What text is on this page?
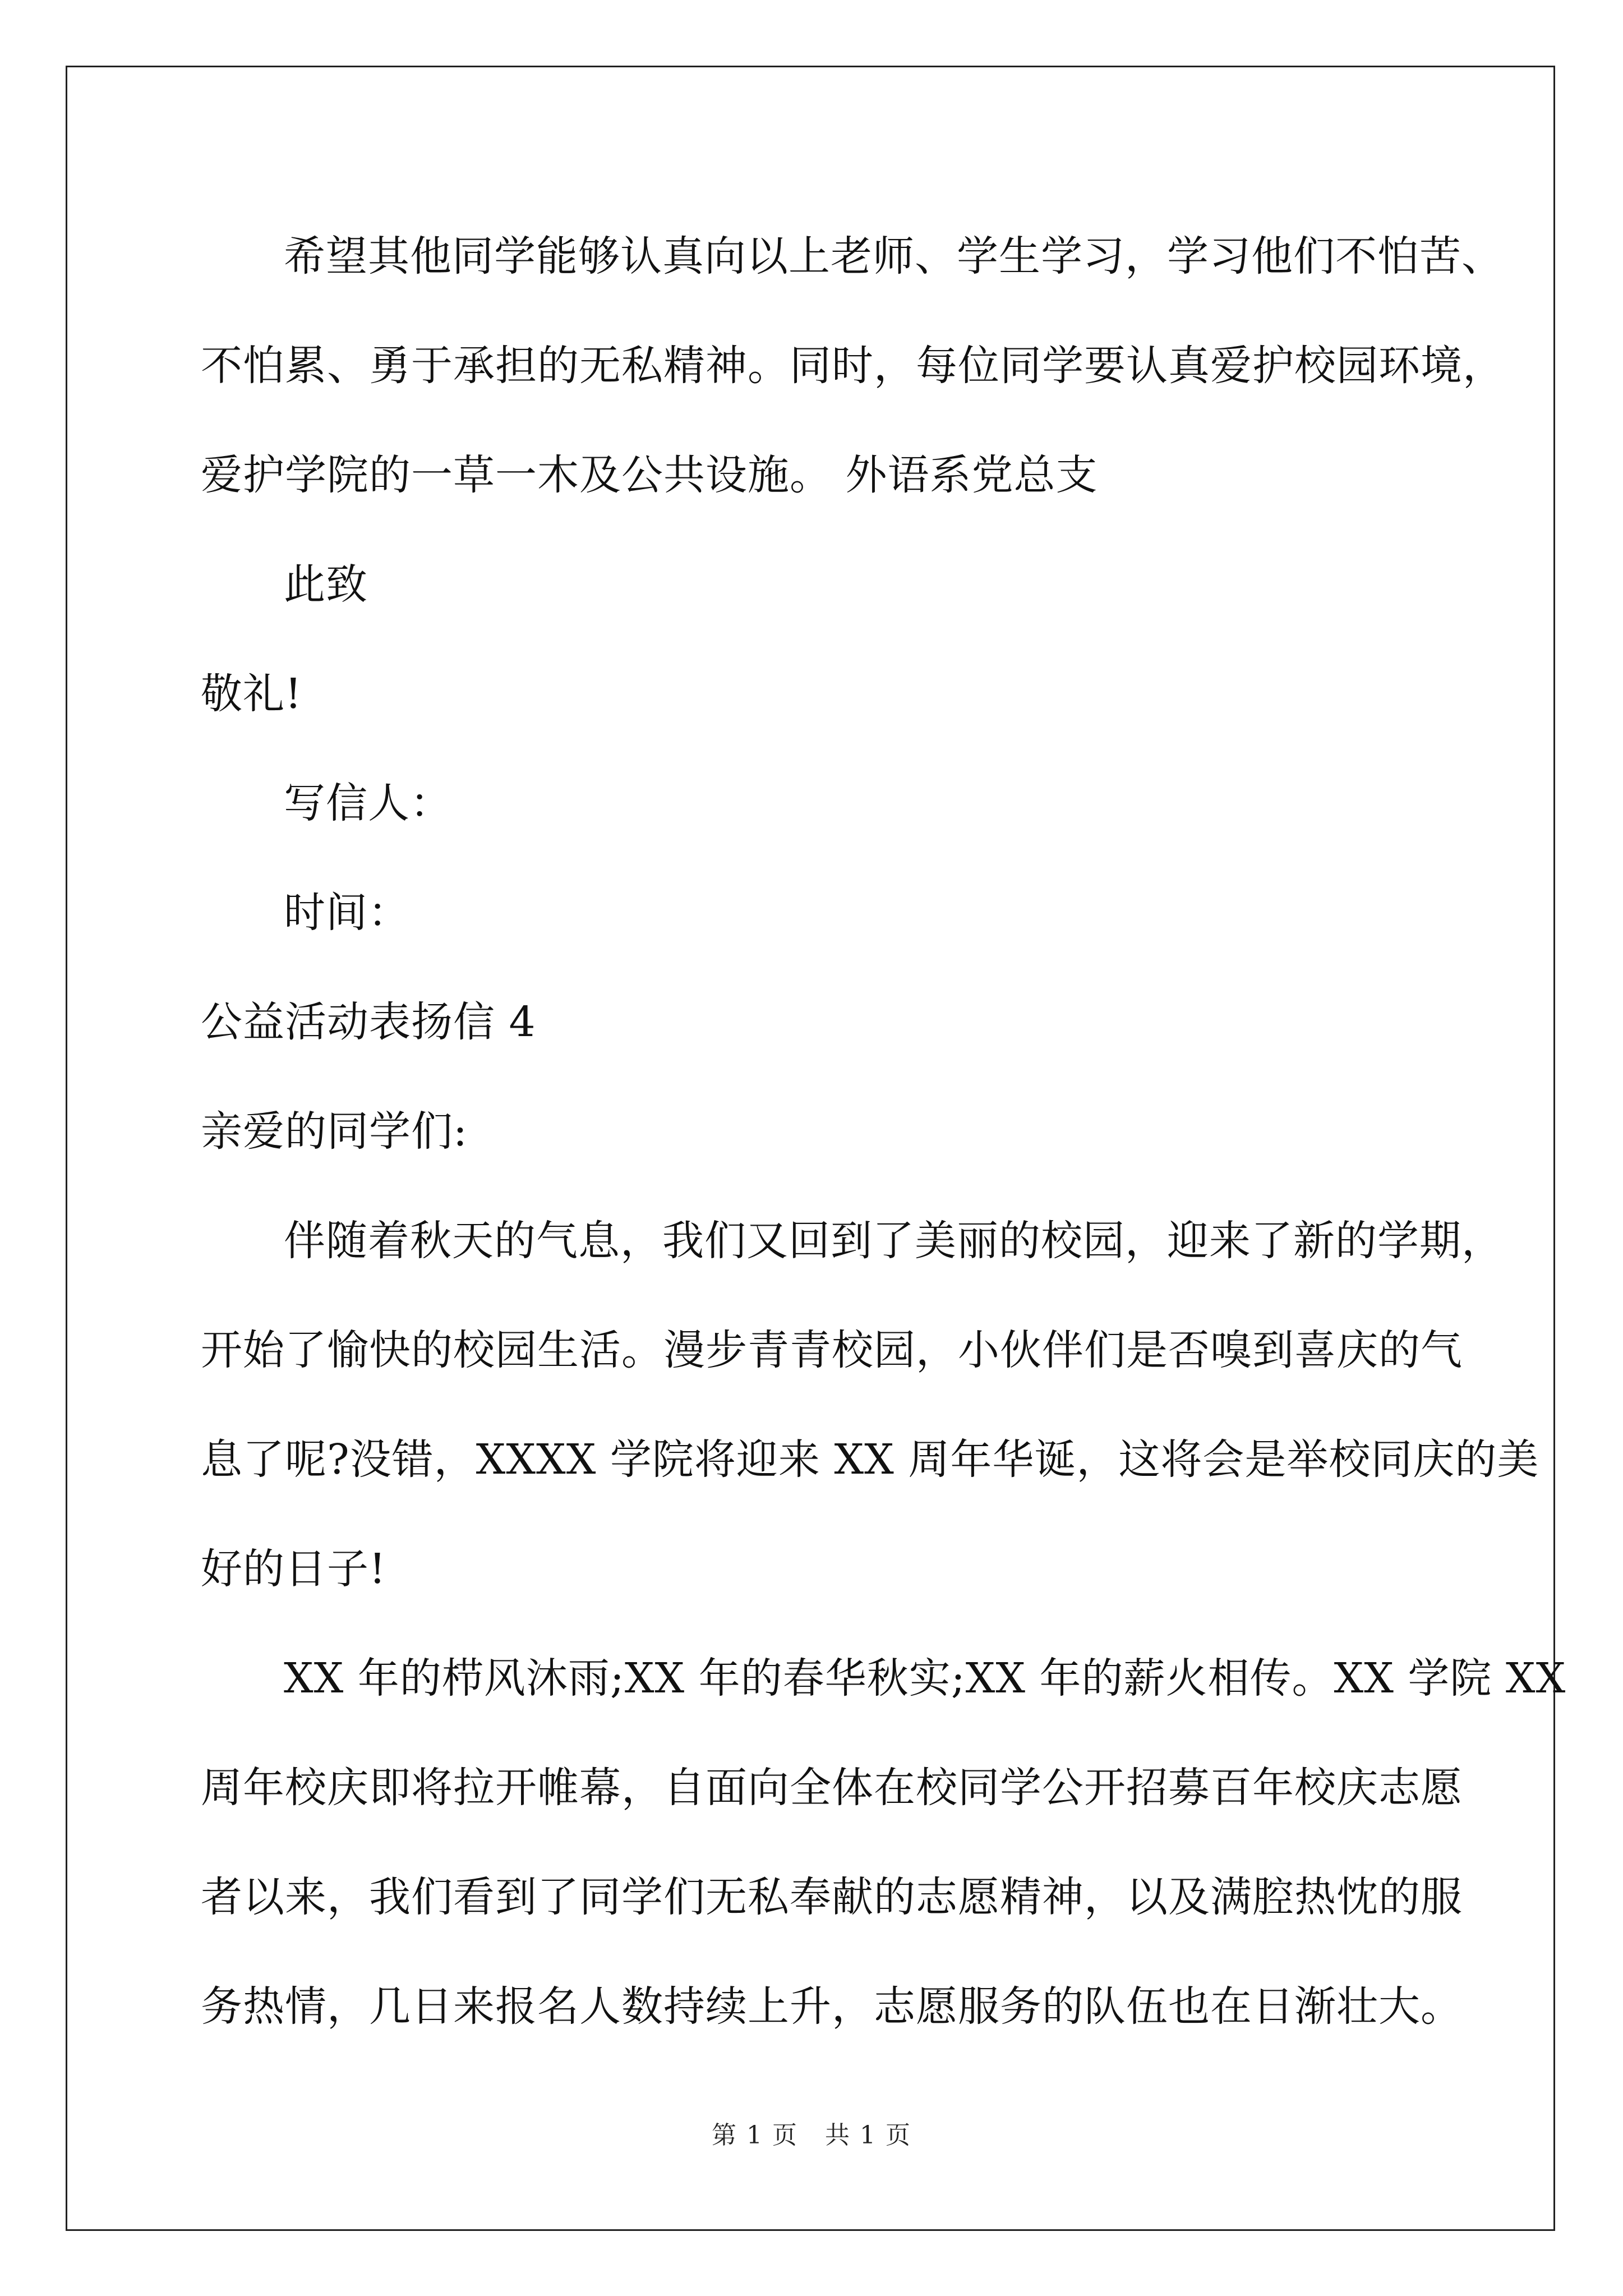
希望其他同学能够认真向以上老师、学生学习，学习他们不怕苦、

不怕累、勇于承担的无私精神。同时，每位同学要认真爱护校园环境，

爱护学院的一草一木及公共设施。 外语系党总支

此致

敬礼!

写信人：

时间：

公益活动表扬信 4

亲爱的同学们:

伴随着秋天的气息，我们又回到了美丽的校园，迎来了新的学期，

开始了愉快的校园生活。漫步青青校园，小伙伴们是否嗅到喜庆的气

息了呢?没错，XXXX 学院将迎来 XX 周年华诞，这将会是举校同庆的美

好的日子!

XX 年的栉风沐雨;XX 年的春华秋实;XX 年的薪火相传。XX 学院 XX

周年校庆即将拉开帷幕，自面向全体在校同学公开招募百年校庆志愿

者以来，我们看到了同学们无私奉献的志愿精神，以及满腔热忱的服

务热情，几日来报名人数持续上升，志愿服务的队伍也在日渐壮大。

第 1 页   共 1 页
